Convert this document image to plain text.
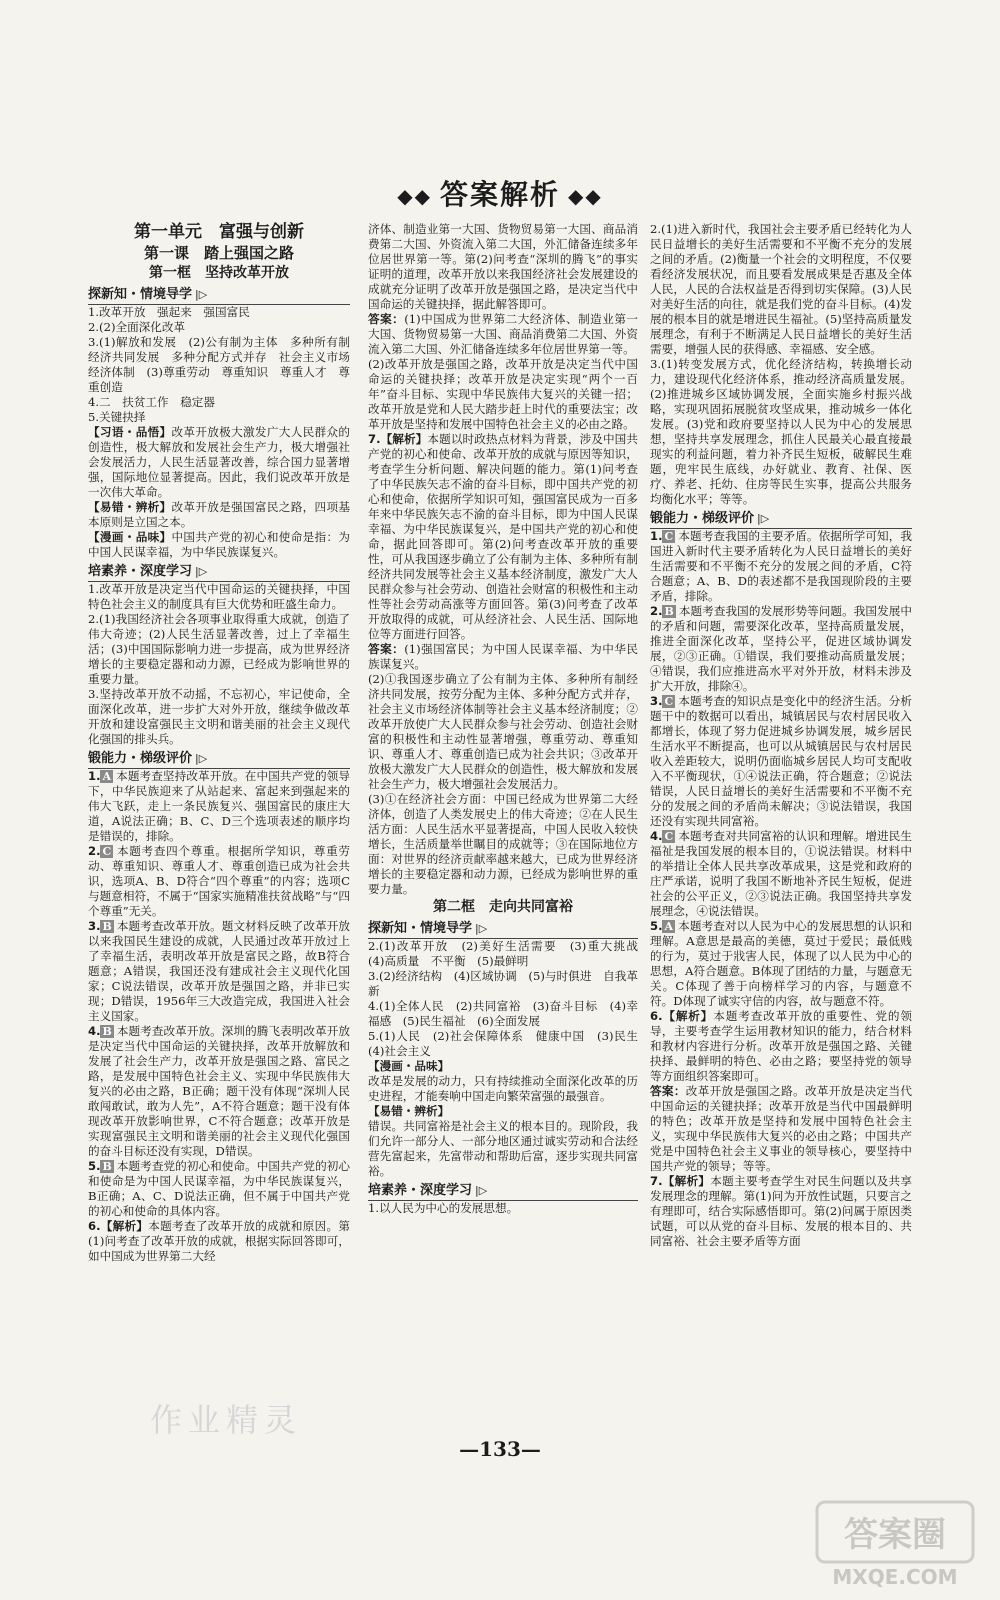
◆◆ 答案解析 ◆◆
第一单元　富强与创新
第一课　踏上强国之路
第一框　坚持改革开放
探新知・情境导学 |▷

1.改革开放　强起来　强国富民

2.(2)全面深化改革

3.(1)解放和发展　(2)公有制为主体　多种所有制经济共同发展　多种分配方式并存　社会主义市场经济体制　(3)尊重劳动　尊重知识　尊重人才　尊重创造

4.二　扶贫工作　稳定器

5.关键抉择

【习语・品悟】改革开放极大激发广大人民群众的创造性，极大解放和发展社会生产力，极大增强社会发展活力，人民生活显著改善，综合国力显著增强，国际地位显著提高。因此，我们说改革开放是一次伟大革命。

【易错・辨析】改革开放是强国富民之路，四项基本原则是立国之本。

【漫画・品味】中国共产党的初心和使命是指：为中国人民谋幸福，为中华民族谋复兴。

培素养・深度学习 |▷

1.改革开放是决定当代中国命运的关键抉择，中国特色社会主义的制度具有巨大优势和旺盛生命力。

2.(1)我国经济社会各项事业取得重大成就，创造了伟大奇迹；(2)人民生活显著改善，过上了幸福生活；(3)中国国际影响力进一步提高，成为世界经济增长的主要稳定器和动力源，已经成为影响世界的重要力量。

3.坚持改革开放不动摇，不忘初心，牢记使命，全面深化改革，进一步扩大对外开放，继续争做改革开放和建设富强民主文明和谐美丽的社会主义现代化强国的排头兵。

锻能力・梯级评价 |▷

1. A 本题考查坚持改革开放。在中国共产党的领导下，中华民族迎来了从站起来、富起来到强起来的伟大飞跃，走上一条民族复兴、强国富民的康庄大道，A说法正确；B、C、D三个选项表述的顺序均是错误的，排除。

2. C 本题考查四个尊重。根据所学知识，尊重劳动、尊重知识、尊重人才、尊重创造已成为社会共识，选项A、B、D符合“四个尊重”的内容；选项C与题意相符，不属于“国家实施精准扶贫战略”与“四个尊重”无关。

3. B 本题考查改革开放。题文材料反映了改革开放以来我国民生建设的成就，人民通过改革开放过上了幸福生活，表明改革开放是富民之路，故B符合题意；A错误，我国还没有建成社会主义现代化国家；C说法错误，改革开放是强国之路，并非已实现；D错误，1956年三大改造完成，我国进入社会主义国家。

4. B 本题考查改革开放。深圳的腾飞表明改革开放是决定当代中国命运的关键抉择，改革开放解放和发展了社会生产力，改革开放是强国之路、富民之路，是发展中国特色社会主义、实现中华民族伟大复兴的必由之路，B正确；题干没有体现“深圳人民敢闯敢试，敢为人先”，A不符合题意；题干没有体现改革开放影响世界，C不符合题意；改革开放是实现富强民主文明和谐美丽的社会主义现代化强国的奋斗目标还没有实现，D错误。

5. B 本题考查党的初心和使命。中国共产党的初心和使命是为中国人民谋幸福，为中华民族谋复兴，B正确；A、C、D说法正确，但不属于中国共产党的初心和使命的具体内容。

6.【解析】本题考查了改革开放的成就和原因。第(1)问考查了改革开放的成就，根据实际回答即可，如中国成为世界第二大经

济体、制造业第一大国、货物贸易第一大国、商品消费第二大国、外资流入第二大国，外汇储备连续多年位居世界第一等。第(2)问考查“深圳的腾飞”的事实证明的道理，改革开放以来我国经济社会发展建设的成就充分证明了改革开放是强国之路，是决定当代中国命运的关键抉择，据此解答即可。

答案：(1)中国成为世界第二大经济体、制造业第一大国、货物贸易第一大国、商品消费第二大国、外资流入第二大国、外汇储备连续多年位居世界第一等。

(2)改革开放是强国之路，改革开放是决定当代中国命运的关键抉择；改革开放是决定实现“两个一百年”奋斗目标、实现中华民族伟大复兴的关键一招；改革开放是党和人民大踏步赶上时代的重要法宝；改革开放是坚持和发展中国特色社会主义的必由之路。

7.【解析】本题以时政热点材料为背景，涉及中国共产党的初心和使命、改革开放的成就与原因等知识，考查学生分析问题、解决问题的能力。第(1)问考查了中华民族矢志不渝的奋斗目标，即中国共产党的初心和使命，依据所学知识可知，强国富民成为一百多年来中华民族矢志不渝的奋斗目标，即为中国人民谋幸福、为中华民族谋复兴，是中国共产党的初心和使命，据此回答即可。第(2)问考查改革开放的重要性，可从我国逐步确立了公有制为主体、多种所有制经济共同发展等社会主义基本经济制度，激发广大人民群众参与社会劳动、创造社会财富的积极性和主动性等社会劳动高涨等方面回答。第(3)问考查了改革开放取得的成就，可从经济社会、人民生活、国际地位等方面进行回答。

答案：(1)强国富民；为中国人民谋幸福、为中华民族谋复兴。

(2)①我国逐步确立了公有制为主体、多种所有制经济共同发展，按劳分配为主体、多种分配方式并存，社会主义市场经济体制等社会主义基本经济制度；②改革开放使广大人民群众参与社会劳动、创造社会财富的积极性和主动性显著增强，尊重劳动、尊重知识、尊重人才、尊重创造已成为社会共识；③改革开放极大激发广大人民群众的创造性，极大解放和发展社会生产力，极大增强社会发展活力。

(3)①在经济社会方面：中国已经成为世界第二大经济体，创造了人类发展史上的伟大奇迹；②在人民生活方面：人民生活水平显著提高，中国人民收入较快增长，生活质量举世瞩目的成就等；③在国际地位方面：对世界的经济贡献率越来越大，已成为世界经济增长的主要稳定器和动力源，已经成为影响世界的重要力量。

第二框　走向共同富裕
探新知・情境导学 |▷

2.(1)改革开放　(2)美好生活需要　(3)重大挑战　(4)高质量　不平衡　(5)最鲜明

3.(2)经济结构　(4)区域协调　(5)与时俱进　自我革新

4.(1)全体人民　(2)共同富裕　(3)奋斗目标　(4)幸福感　(5)民生福祉　(6)全面发展

5.(1)人民　(2)社会保障体系　健康中国　(3)民生　(4)社会主义

【漫画・品味】

改革是发展的动力，只有持续推动全面深化改革的历史进程，才能奏响中国走向繁荣富强的最强音。

【易错・辨析】

错误。共同富裕是社会主义的根本目的。现阶段，我们允许一部分人、一部分地区通过诚实劳动和合法经营先富起来，先富带动和帮助后富，逐步实现共同富裕。

培素养・深度学习 |▷

1.以人民为中心的发展思想。

2.(1)进入新时代，我国社会主要矛盾已经转化为人民日益增长的美好生活需要和不平衡不充分的发展之间的矛盾。(2)衡量一个社会的文明程度，不仅要看经济发展状况，而且要看发展成果是否惠及全体人民，人民的合法权益是否得到切实保障。(3)人民对美好生活的向往，就是我们党的奋斗目标。(4)发展的根本目的就是增进民生福祉。(5)坚持高质量发展理念，有利于不断满足人民日益增长的美好生活需要，增强人民的获得感、幸福感、安全感。

3.(1)转变发展方式，优化经济结构，转换增长动力，建设现代化经济体系，推动经济高质量发展。(2)推进城乡区域协调发展，全面实施乡村振兴战略，实现巩固拓展脱贫攻坚成果，推动城乡一体化发展。(3)党和政府要坚持以人民为中心的发展思想，坚持共享发展理念，抓住人民最关心最直接最现实的利益问题，着力补齐民生短板，破解民生难题，兜牢民生底线，办好就业、教育、社保、医疗、养老、托幼、住房等民生实事，提高公共服务均衡化水平；等等。

锻能力・梯级评价 |▷

1. C 本题考查我国的主要矛盾。依据所学可知，我国进入新时代主要矛盾转化为人民日益增长的美好生活需要和不平衡不充分的发展之间的矛盾，C符合题意；A、B、D的表述都不是我国现阶段的主要矛盾，排除。

2. B 本题考查我国的发展形势等问题。我国发展中的矛盾和问题，需要深化改革，坚持高质量发展，推进全面深化改革，坚持公平，促进区域协调发展，②③正确。①错误，我们要推动高质量发展；④错误，我们应推进高水平对外开放，材料未涉及扩大开放，排除④。

3. C 本题考查的知识点是变化中的经济生活。分析题干中的数据可以看出，城镇居民与农村居民收入都增长，体现了努力促进城乡协调发展，城乡居民生活水平不断提高，也可以从城镇居民与农村居民收入差距较大，说明仍面临城乡居民人均可支配收入不平衡现状，①④说法正确，符合题意；②说法错误，人民日益增长的美好生活需要和不平衡不充分的发展之间的矛盾尚未解决；③说法错误，我国还没有实现共同富裕。

4. C 本题考查对共同富裕的认识和理解。增进民生福祉是我国发展的根本目的，①说法错误。材料中的举措让全体人民共享改革成果，这是党和政府的庄严承诺，说明了我国不断地补齐民生短板，促进社会的公平正义，②③说法正确。我国坚持共享发展理念，④说法错误。

5. A 本题考查对以人民为中心的发展思想的认识和理解。A意思是最高的美德，莫过于爱民；最低贱的行为，莫过于戕害人民，体现了以人民为中心的思想，A符合题意。B体现了团结的力量，与题意无关。C体现了善于向榜样学习的内容，与题意不符。D体现了诚实守信的内容，故与题意不符。

6.【解析】本题考查改革开放的重要性、党的领导，主要考查学生运用教材知识的能力，结合材料和教材内容进行分析。改革开放是强国之路、关键抉择、最鲜明的特色、必由之路；要坚持党的领导等方面组织答案即可。

答案：改革开放是强国之路。改革开放是决定当代中国命运的关键抉择；改革开放是当代中国最鲜明的特色；改革开放是坚持和发展中国特色社会主义，实现中华民族伟大复兴的必由之路；中国共产党是中国特色社会主义事业的领导核心，要坚持中国共产党的领导；等等。

7.【解析】本题主要考查学生对民生问题以及共享发展理念的理解。第(1)问为开放性试题，只要言之有理即可，结合实际感悟即可。第(2)问属于原因类试题，可以从党的奋斗目标、发展的根本目的、共同富裕、社会主要矛盾等方面

作业精灵
—133—
答案圈
MXQE.COM
